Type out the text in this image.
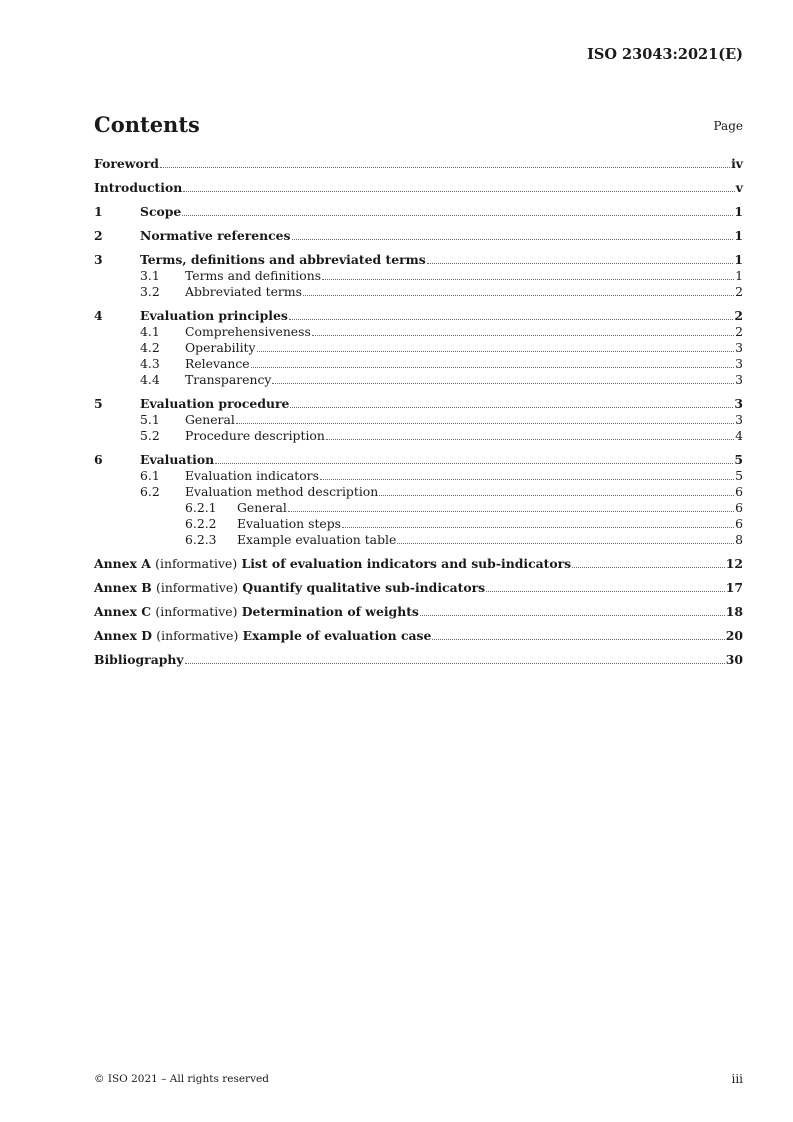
ISO 23043:2021(E)
Contents	Page
Foreword	iv
Introduction	v
1	Scope	1
2	Normative references	1
3	Terms, definitions and abbreviated terms	1
3.1	Terms and definitions	1
3.2	Abbreviated terms	2
4	Evaluation principles	2
4.1	Comprehensiveness	2
4.2	Operability	3
4.3	Relevance	3
4.4	Transparency	3
5	Evaluation procedure	3
5.1	General	3
5.2	Procedure description	4
6	Evaluation	5
6.1	Evaluation indicators	5
6.2	Evaluation method description	6
6.2.1	General	6
6.2.2	Evaluation steps	6
6.2.3	Example evaluation table	8
Annex A (informative) List of evaluation indicators and sub-indicators	12
Annex B (informative) Quantify qualitative sub-indicators	17
Annex C (informative) Determination of weights	18
Annex D (informative) Example of evaluation case	20
Bibliography	30
© ISO 2021 – All rights reserved	iii
